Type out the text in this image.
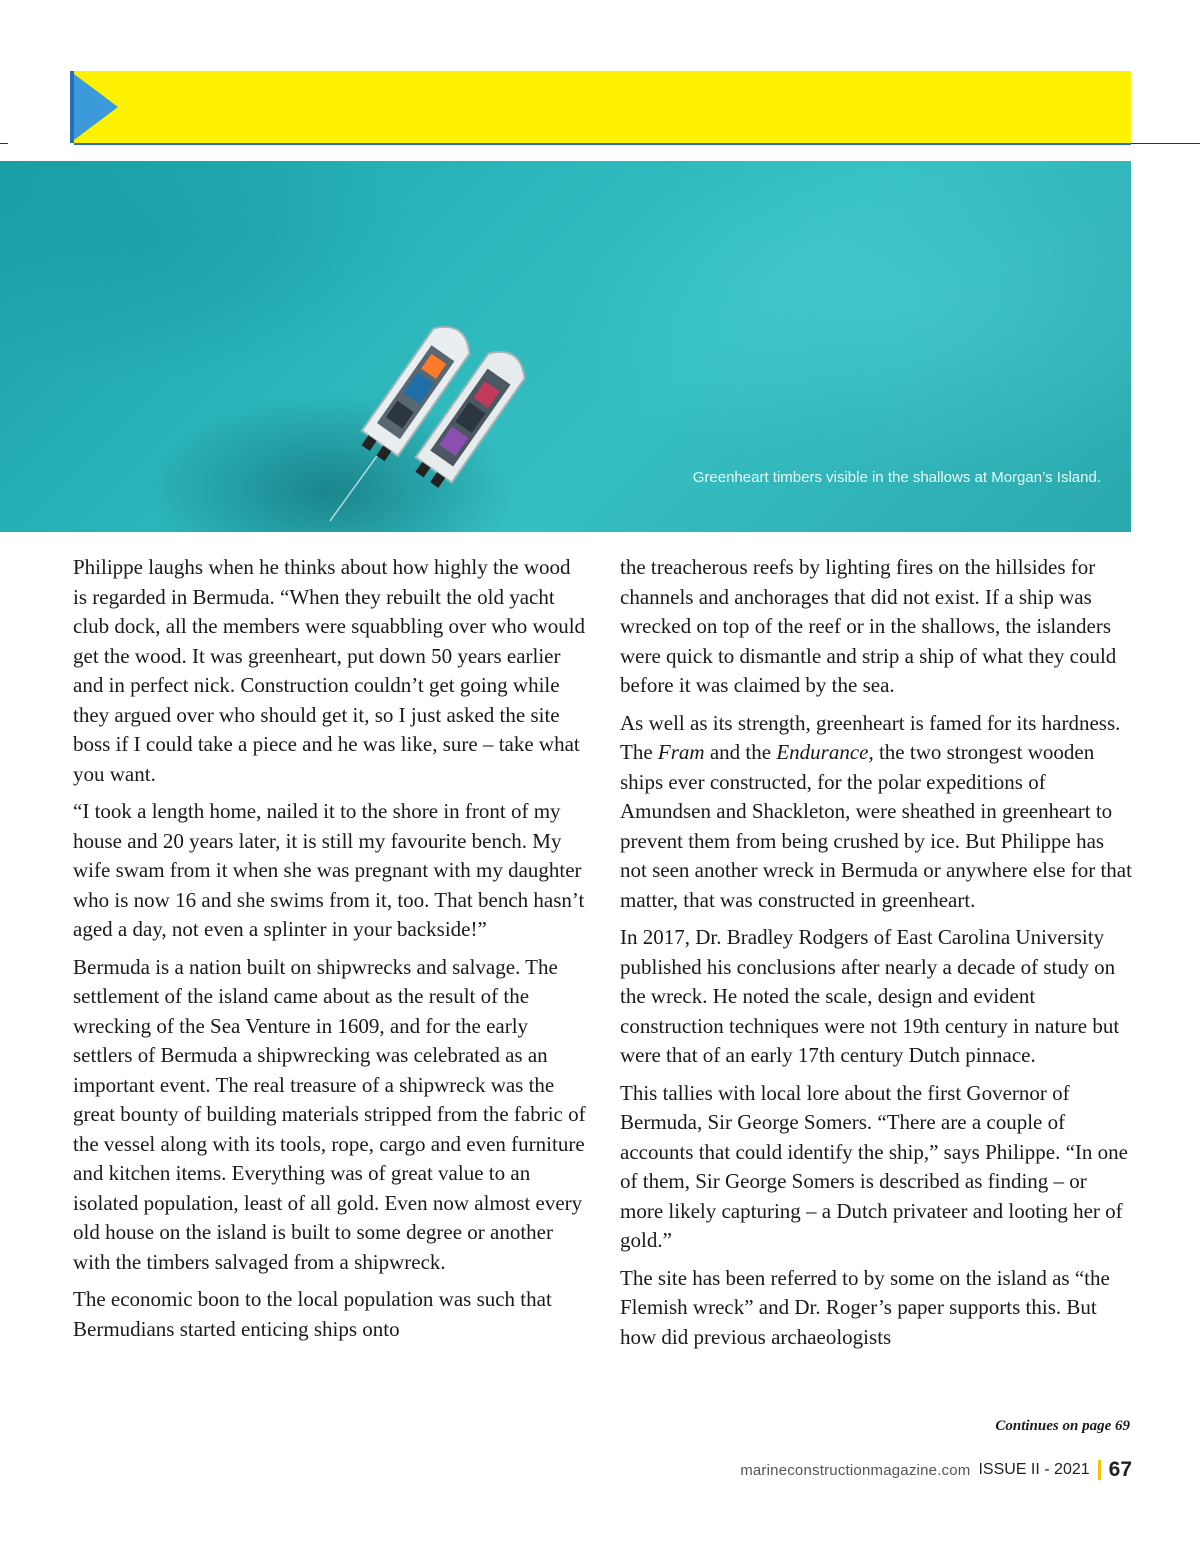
Greenheart timbers visible in the shallows at Morgan’s Island.

Philippe laughs when he thinks about how highly the wood is regarded in Bermuda. “When they rebuilt the old yacht club dock, all the members were squabbling over who would get the wood. It was greenheart, put down 50 years earlier and in perfect nick. Construction couldn’t get going while they argued over who should get it, so I just asked the site boss if I could take a piece and he was like, sure – take what you want.

“I took a length home, nailed it to the shore in front of my house and 20 years later, it is still my favourite bench. My wife swam from it when she was pregnant with my daughter who is now 16 and she swims from it, too. That bench hasn’t aged a day, not even a splinter in your backside!”

Bermuda is a nation built on shipwrecks and salvage. The settlement of the island came about as the result of the wrecking of the Sea Venture in 1609, and for the early settlers of Bermuda a shipwrecking was celebrated as an important event. The real treasure of a shipwreck was the great bounty of building materials stripped from the fabric of the vessel along with its tools, rope, cargo and even furniture and kitchen items. Everything was of great value to an isolated population, least of all gold. Even now almost every old house on the island is built to some degree or another with the timbers salvaged from a shipwreck.

The economic boon to the local population was such that Bermudians started enticing ships onto

the treacherous reefs by lighting fires on the hillsides for channels and anchorages that did not exist. If a ship was wrecked on top of the reef or in the shallows, the islanders were quick to dismantle and strip a ship of what they could before it was claimed by the sea.

As well as its strength, greenheart is famed for its hardness. The Fram and the Endurance, the two strongest wooden ships ever constructed, for the polar expeditions of Amundsen and Shackleton, were sheathed in greenheart to prevent them from being crushed by ice. But Philippe has not seen another wreck in Bermuda or anywhere else for that matter, that was constructed in greenheart.

In 2017, Dr. Bradley Rodgers of East Carolina University published his conclusions after nearly a decade of study on the wreck. He noted the scale, design and evident construction techniques were not 19th century in nature but were that of an early 17th century Dutch pinnace.

This tallies with local lore about the first Governor of Bermuda, Sir George Somers. “There are a couple of accounts that could identify the ship,” says Philippe. “In one of them, Sir George Somers is described as finding – or more likely capturing – a Dutch privateer and looting her of gold.”

The site has been referred to by some on the island as “the Flemish wreck” and Dr. Roger’s paper supports this. But how did previous archaeologists

Continues on page 69
marineconstructionmagazine.com ISSUE II - 2021 67
